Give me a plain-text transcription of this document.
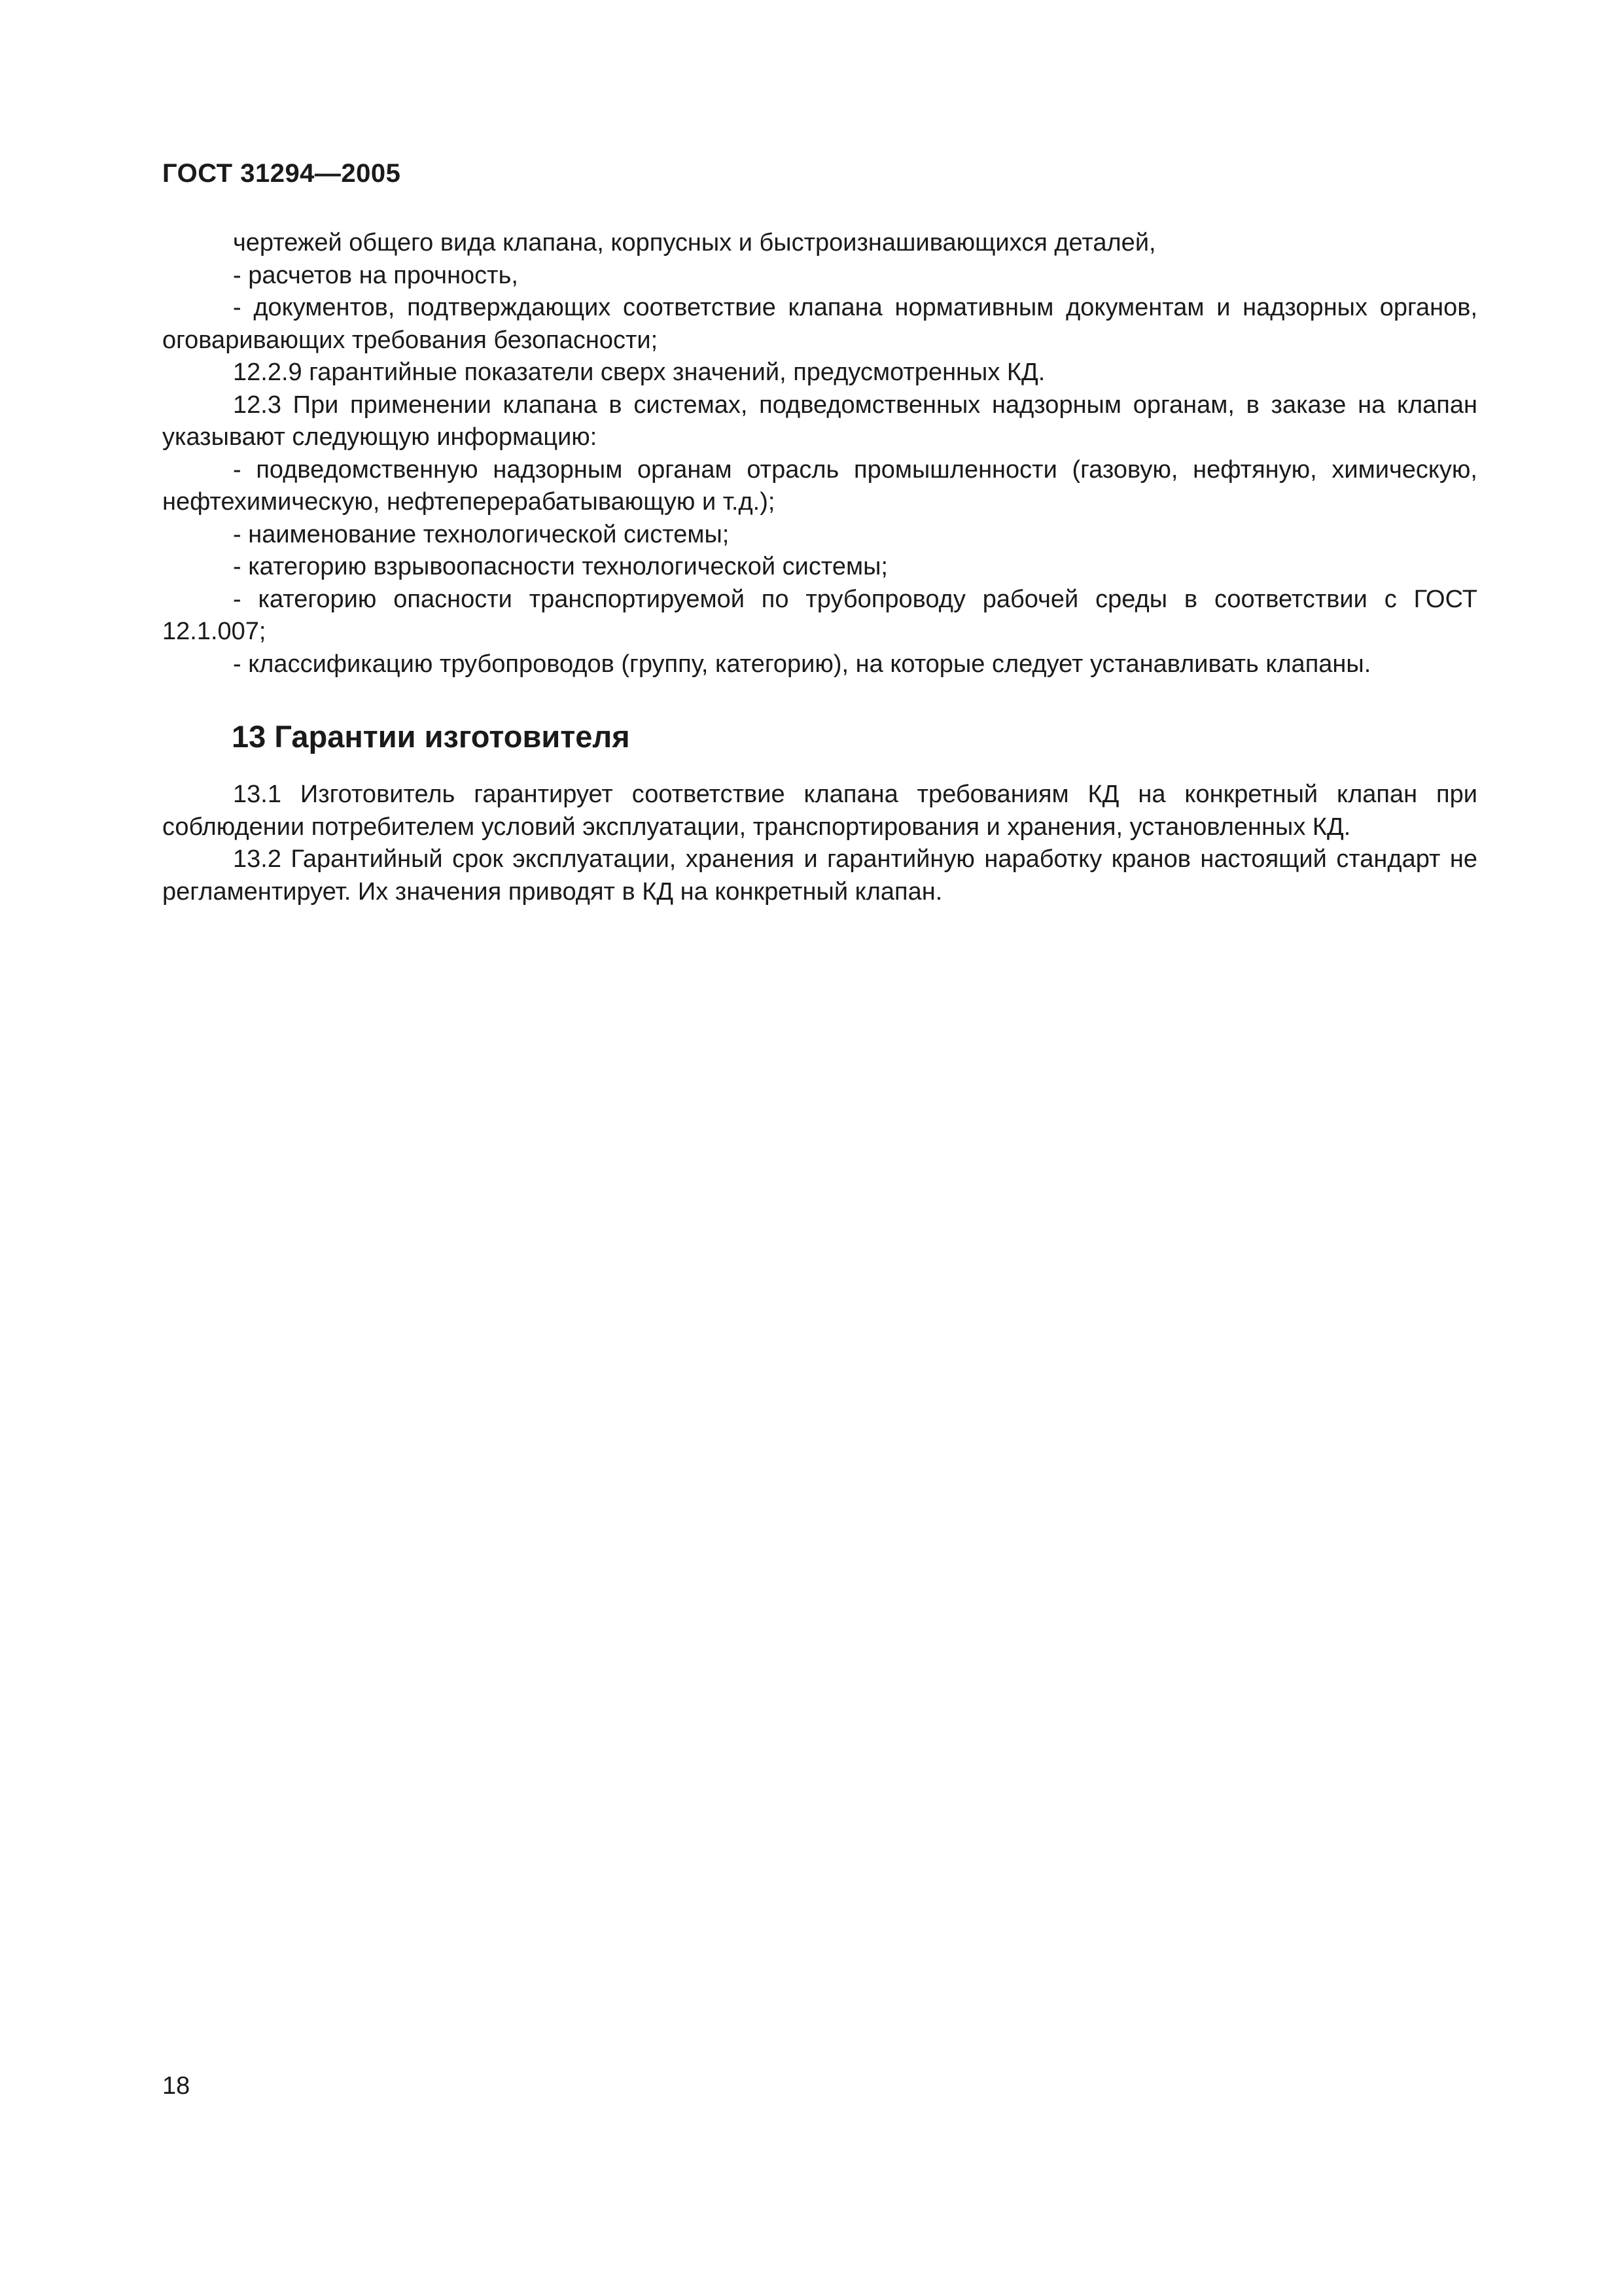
ГОСТ 31294—2005

чертежей общего вида клапана, корпусных и быстроизнашивающихся деталей,

- расчетов на прочность,

- документов, подтверждающих соответствие клапана нормативным документам и надзорных органов, оговаривающих требования безопасности;

12.2.9 гарантийные показатели сверх значений, предусмотренных КД.

12.3 При применении клапана в системах, подведомственных надзорным органам, в заказе на клапан указывают следующую информацию:

- подведомственную надзорным органам отрасль промышленности (газовую, нефтяную, химическую, нефтехимическую, нефтеперерабатывающую и т.д.);

- наименование технологической системы;

- категорию взрывоопасности технологической системы;

- категорию опасности транспортируемой по трубопроводу рабочей среды в соответствии с ГОСТ 12.1.007;

- классификацию трубопроводов (группу, категорию), на которые следует устанавливать клапаны.

13 Гарантии изготовителя

13.1 Изготовитель гарантирует соответствие клапана требованиям КД на конкретный клапан при соблюдении потребителем условий эксплуатации, транспортирования и хранения, установленных КД.

13.2 Гарантийный срок эксплуатации, хранения и гарантийную наработку кранов настоящий стандарт не регламентирует. Их значения приводят в КД на конкретный клапан.

18
